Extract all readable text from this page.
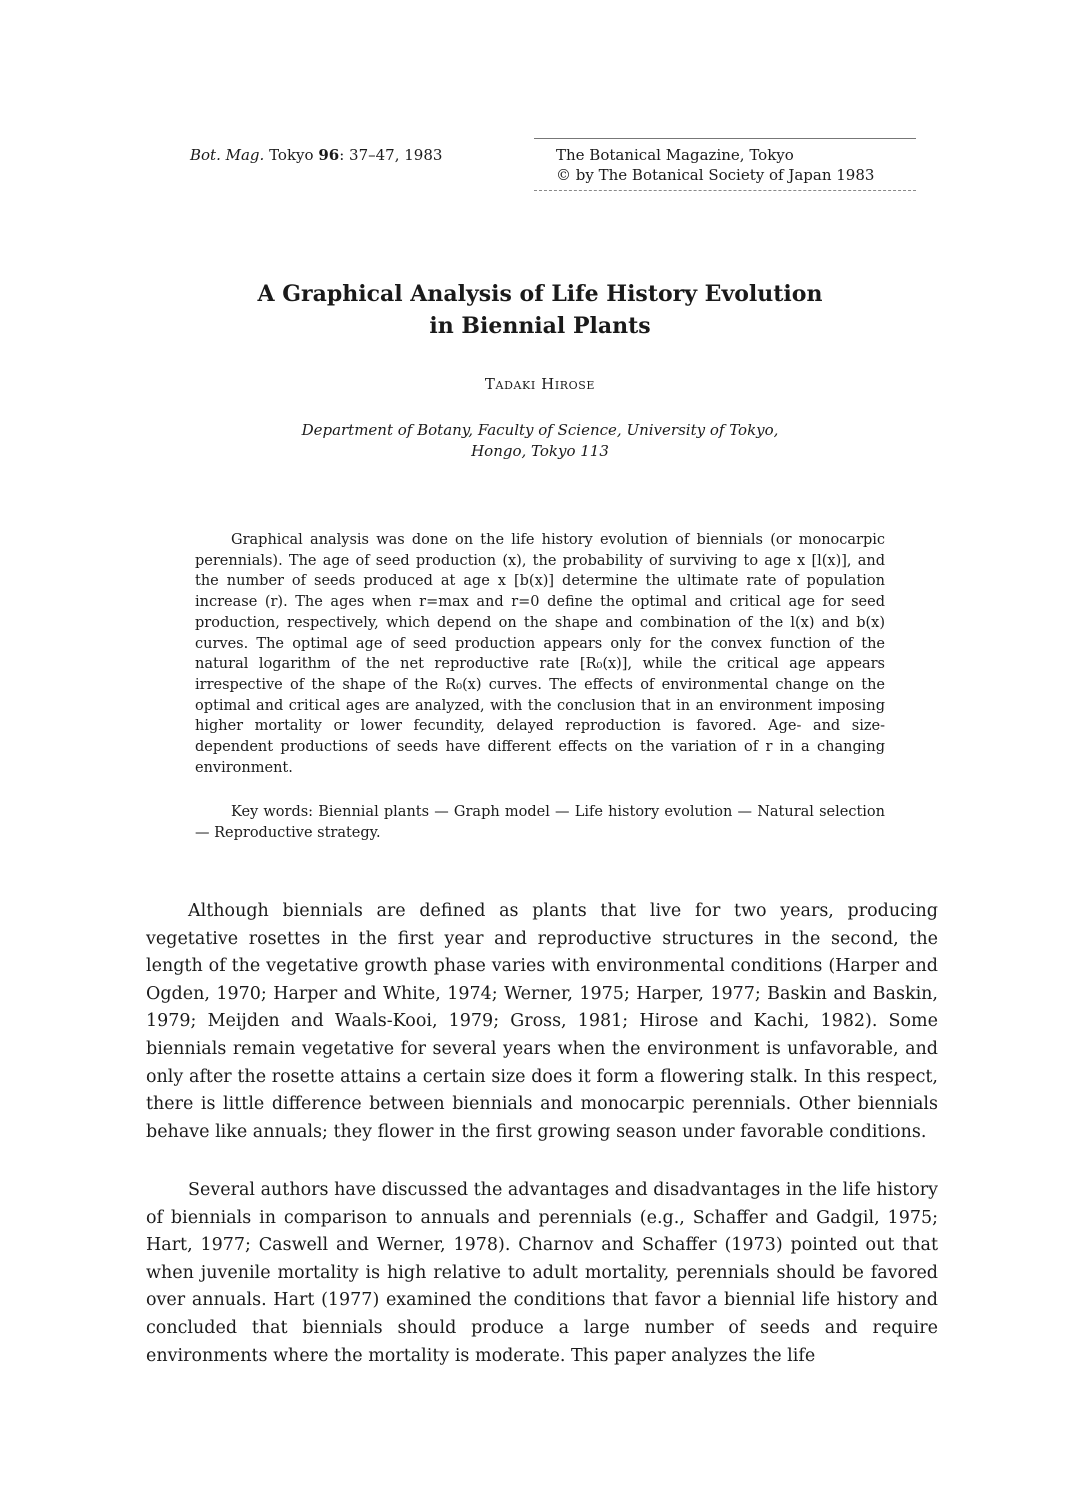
Bot. Mag. Tokyo 96: 37–47, 1983	The Botanical Magazine, Tokyo
© by The Botanical Society of Japan 1983
A Graphical Analysis of Life History Evolution
in Biennial Plants
Tadaki Hirose
Department of Botany, Faculty of Science, University of Tokyo,
Hongo, Tokyo 113

Graphical analysis was done on the life history evolution of biennials (or monocarpic perennials). The age of seed production (x), the probability of surviving to age x [l(x)], and the number of seeds produced at age x [b(x)] determine the ultimate rate of population increase (r). The ages when r=max and r=0 define the optimal and critical age for seed production, respectively, which depend on the shape and combination of the l(x) and b(x) curves. The optimal age of seed production appears only for the convex function of the natural logarithm of the net reproductive rate [R₀(x)], while the critical age appears irrespective of the shape of the R₀(x) curves. The effects of environmental change on the optimal and critical ages are analyzed, with the conclusion that in an environment imposing higher mortality or lower fecundity, delayed reproduction is favored. Age- and size-dependent productions of seeds have different effects on the variation of r in a changing environment.

Key words: Biennial plants — Graph model — Life history evolution — Natural selection — Reproductive strategy.

Although biennials are defined as plants that live for two years, producing vegetative rosettes in the first year and reproductive structures in the second, the length of the vegetative growth phase varies with environmental conditions (Harper and Ogden, 1970; Harper and White, 1974; Werner, 1975; Harper, 1977; Baskin and Baskin, 1979; Meijden and Waals-Kooi, 1979; Gross, 1981; Hirose and Kachi, 1982). Some biennials remain vegetative for several years when the environment is unfavorable, and only after the rosette attains a certain size does it form a flowering stalk. In this respect, there is little difference between biennials and monocarpic perennials. Other biennials behave like annuals; they flower in the first growing season under favorable conditions.

Several authors have discussed the advantages and disadvantages in the life history of biennials in comparison to annuals and perennials (e.g., Schaffer and Gadgil, 1975; Hart, 1977; Caswell and Werner, 1978). Charnov and Schaffer (1973) pointed out that when juvenile mortality is high relative to adult mortality, perennials should be favored over annuals. Hart (1977) examined the conditions that favor a biennial life history and concluded that biennials should produce a large number of seeds and require environments where the mortality is moderate. This paper analyzes the life
